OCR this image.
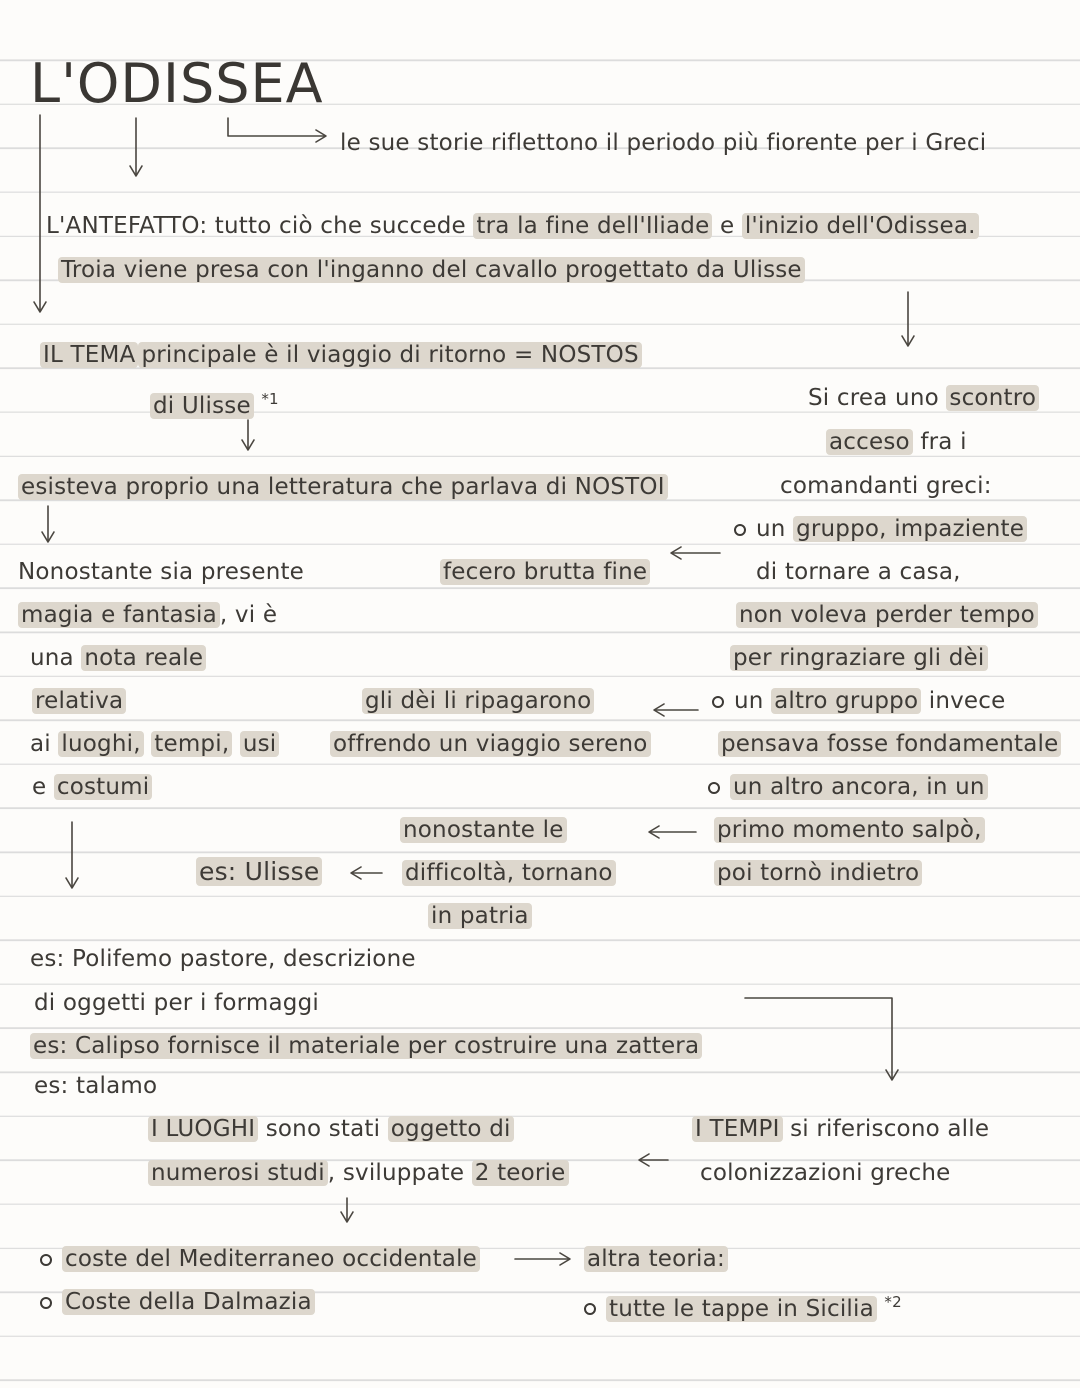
L'ODISSEA
le sue storie riflettono il periodo più fiorente per i Greci
L'ANTEFATTO: tutto ciò che succede tra la fine dell'Iliade e l'inizio dell'Odissea.
Troia viene presa con l'inganno del cavallo progettato da Ulisse
IL TEMA principale è il viaggio di ritorno = NOSTOS
di Ulisse $^{*1}$
esisteva proprio una letteratura che parlava di NOSTOI
Si crea uno scontro
acceso fra i
comandanti greci:
un gruppo, impaziente
di tornare a casa,
non voleva perder tempo
per ringraziare gli dèi
un altro gruppo invece
pensava fosse fondamentale
un altro ancora, in un
primo momento salpò,
poi tornò indietro
fecero brutta fine
gli dèi li ripagarono
offrendo un viaggio sereno
nonostante le
difficoltà, tornano
in patria
es: Ulisse
Nonostante sia presente
magia e fantasia , vi è
una nota reale
relativa
ai luoghi, tempi, usi
e costumi
es: Polifemo pastore, descrizione
di oggetti per i formaggi
es: Calipso fornisce il materiale per costruire una zattera
es: talamo
I LUOGHI sono stati oggetto di
numerosi studi , sviluppate 2 teorie
I TEMPI si riferiscono alle
colonizzazioni greche
coste del Mediterraneo occidentale
Coste della Dalmazia
altra teoria:
tutte le tappe in Sicilia $^{*2}$
